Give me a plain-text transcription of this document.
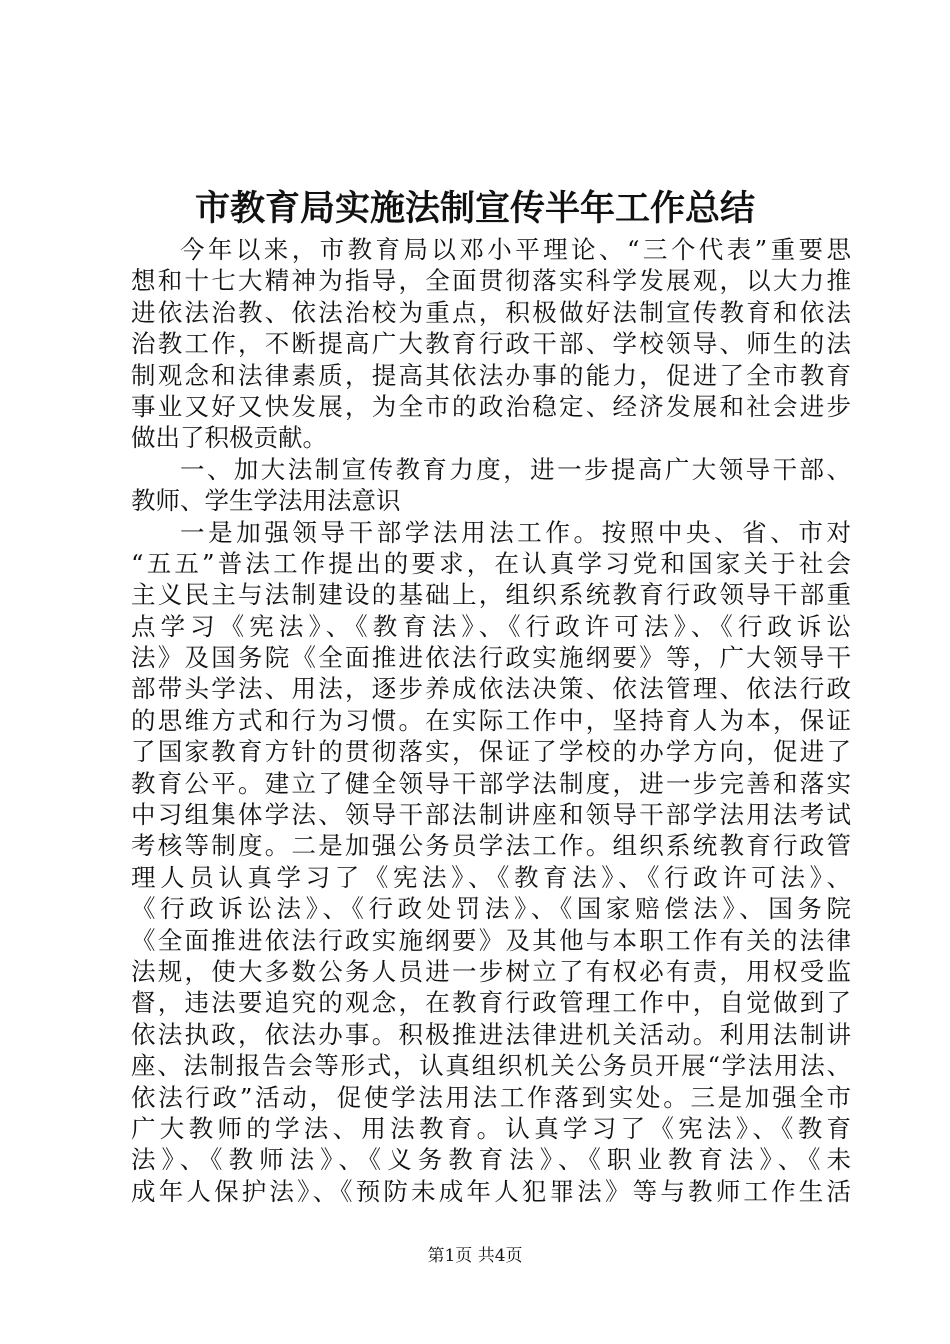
市教育局实施法制宣传半年工作总结
今年以来，市教育局以邓小平理论、“三个代表”重要思
想和十七大精神为指导，全面贯彻落实科学发展观，以大力推
进依法治教、依法治校为重点，积极做好法制宣传教育和依法
治教工作，不断提高广大教育行政干部、学校领导、师生的法
制观念和法律素质，提高其依法办事的能力，促进了全市教育
事业又好又快发展，为全市的政治稳定、经济发展和社会进步
做出了积极贡献。
一、加大法制宣传教育力度，进一步提高广大领导干部、
教师、学生学法用法意识
一是加强领导干部学法用法工作。按照中央、省、市对
“五五”普法工作提出的要求，在认真学习党和国家关于社会
主义民主与法制建设的基础上，组织系统教育行政领导干部重
点学习《宪法》、《教育法》、《行政许可法》、《行政诉讼
法》及国务院《全面推进依法行政实施纲要》等，广大领导干
部带头学法、用法，逐步养成依法决策、依法管理、依法行政
的思维方式和行为习惯。在实际工作中，坚持育人为本，保证
了国家教育方针的贯彻落实，保证了学校的办学方向，促进了
教育公平。建立了健全领导干部学法制度，进一步完善和落实
中习组集体学法、领导干部法制讲座和领导干部学法用法考试
考核等制度。二是加强公务员学法工作。组织系统教育行政管
理人员认真学习了《宪法》、《教育法》、《行政许可法》、
《行政诉讼法》、《行政处罚法》、《国家赔偿法》、国务院
《全面推进依法行政实施纲要》及其他与本职工作有关的法律
法规，使大多数公务人员进一步树立了有权必有责，用权受监
督，违法要追究的观念，在教育行政管理工作中，自觉做到了
依法执政，依法办事。积极推进法律进机关活动。利用法制讲
座、法制报告会等形式，认真组织机关公务员开展“学法用法、
依法行政”活动，促使学法用法工作落到实处。三是加强全市
广大教师的学法、用法教育。认真学习了《宪法》、《教育
法》、《教师法》、《义务教育法》、《职业教育法》、《未
成年人保护法》、《预防未成年人犯罪法》等与教师工作生活
第1页 共4页
